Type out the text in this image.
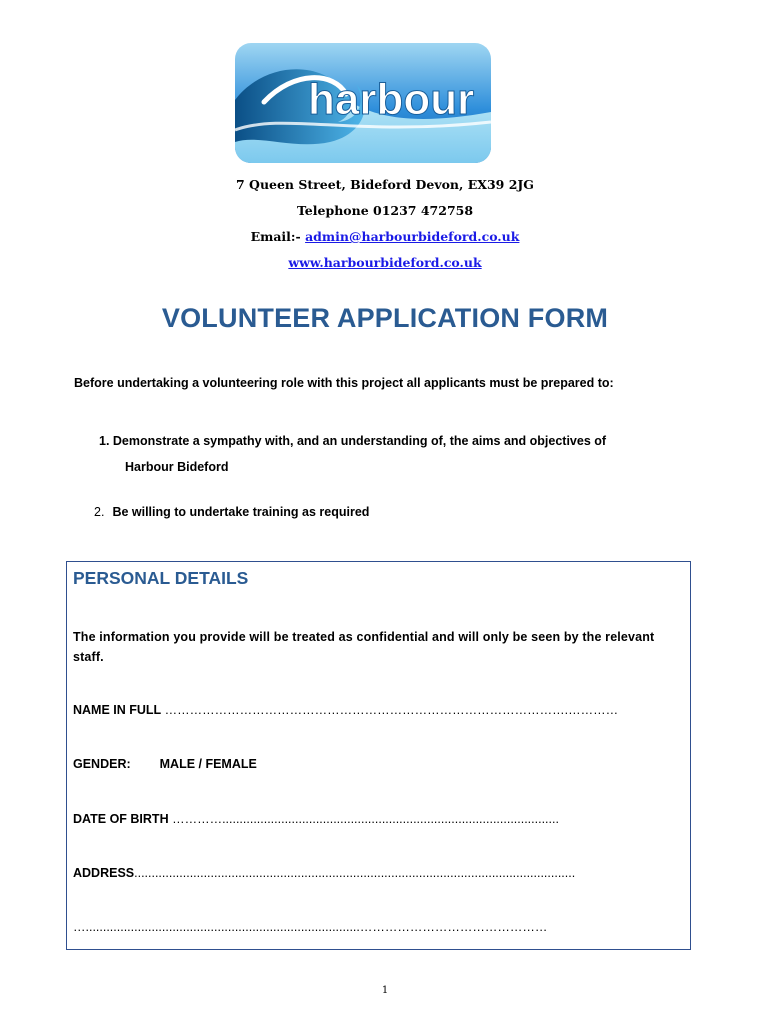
harbour
7 Queen Street, Bideford Devon, EX39 2JG
Telephone 01237 472758
Email:- admin@harbourbideford.co.uk
www.harbourbideford.co.uk
VOLUNTEER APPLICATION FORM
Before undertaking a volunteering role with this project all applicants must be prepared to:
1. Demonstrate a sympathy with, and an understanding of, the aims and objectives of
Harbour Bideford
2. Be willing to undertake training as required
PERSONAL DETAILS
The information you provide will be treated as confidential and will only be seen by the relevant staff.
NAME IN FULL …………………………………………………………………………………….…………
GENDER: MALE / FEMALE
DATE OF BIRTH ………….................................................................................................
ADDRESS...............................................................................................................................
…...............................................................................………………………………………
1
